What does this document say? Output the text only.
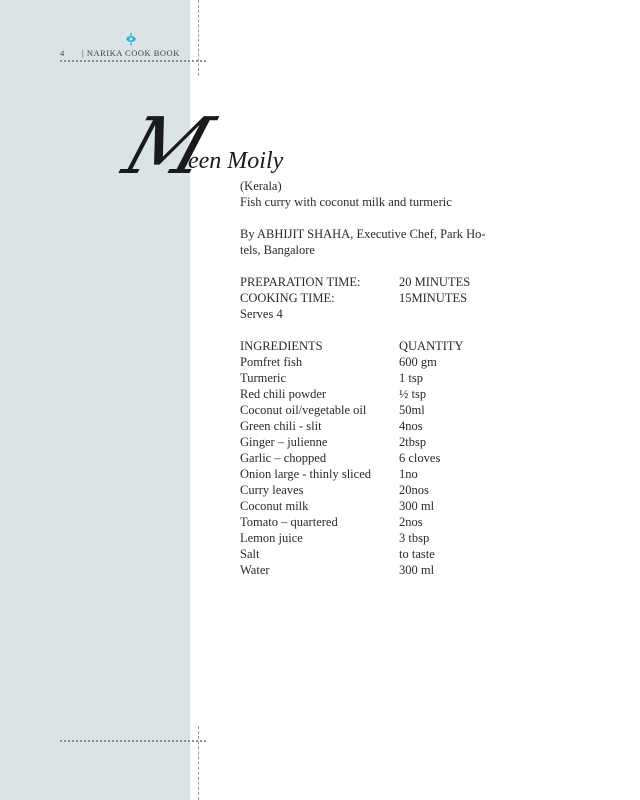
4 | NARIKA COOK BOOK
M
een Moily

(Kerala)

Fish curry with coconut milk and turmeric

By ABHIJIT SHAHA, Executive Chef, Park Ho-

tels, Bangalore

PREPARATION TIME:	20 MINUTES
COOKING TIME:	15MINUTES

Serves 4

INGREDIENTS	QUANTITY
Pomfret fish	600 gm
Turmeric	1 tsp
Red chili powder	½ tsp
Coconut oil/vegetable oil	50ml
Green chili - slit	4nos
Ginger – julienne	2tbsp
Garlic – chopped	6 cloves
Onion large - thinly sliced	1no
Curry leaves	20nos
Coconut milk	300 ml
Tomato – quartered	2nos
Lemon juice	3 tbsp
Salt	to taste
Water	300 ml
